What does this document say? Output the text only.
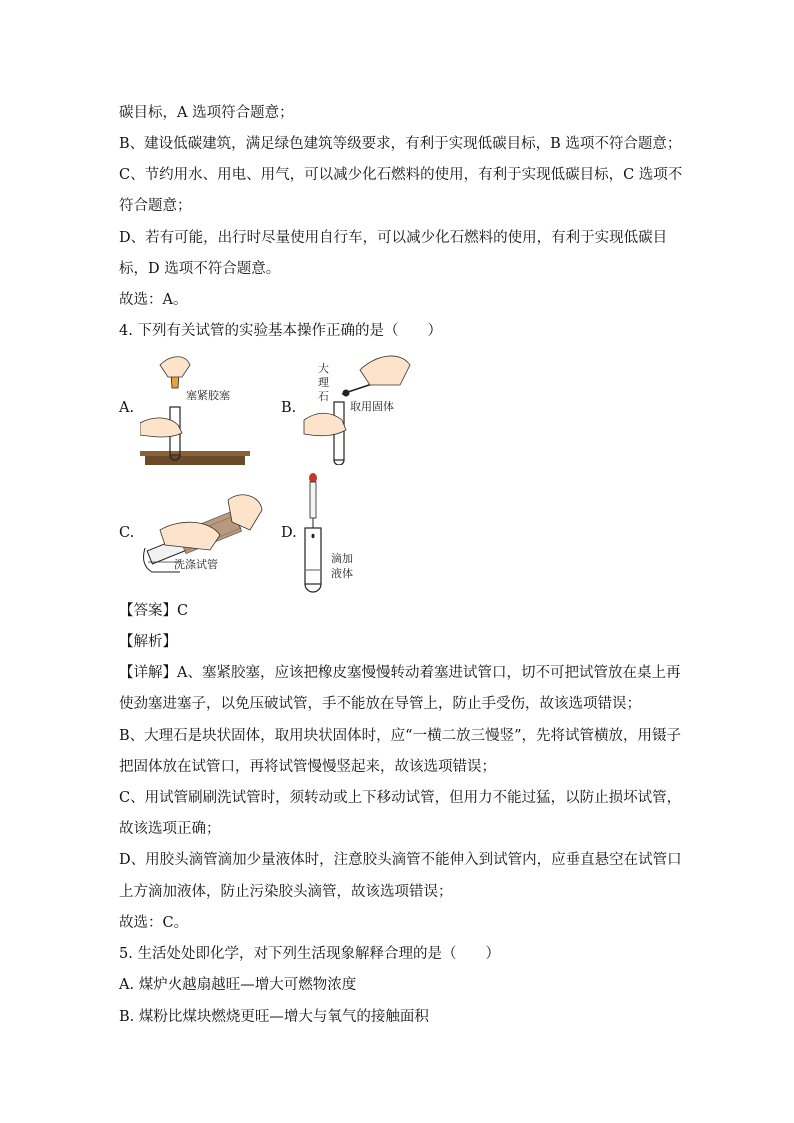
碳目标，A 选项符合题意；
B、建设低碳建筑，满足绿色建筑等级要求，有利于实现低碳目标，B 选项不符合题意；
C、节约用水、用电、用气，可以减少化石燃料的使用，有利于实现低碳目标，C 选项不
符合题意；
D、若有可能，出行时尽量使用自行车，可以减少化石燃料的使用，有利于实现低碳目
标，D 选项不符合题意。
故选：A。
4. 下列有关试管的实验基本操作正确的是（　　）
A.
塞紧胶塞
B.
大
理
石
取用固体
C.
洗涤试管
D.
滴加
液体
【答案】C
【解析】
【详解】A、塞紧胶塞，应该把橡皮塞慢慢转动着塞进试管口，切不可把试管放在桌上再
使劲塞进塞子，以免压破试管，手不能放在导管上，防止手受伤，故该选项错误；
B、大理石是块状固体，取用块状固体时，应“一横二放三慢竖”，先将试管横放，用镊子
把固体放在试管口，再将试管慢慢竖起来，故该选项错误；
C、用试管刷刷洗试管时，须转动或上下移动试管，但用力不能过猛，以防止损坏试管，
故该选项正确；
D、用胶头滴管滴加少量液体时，注意胶头滴管不能伸入到试管内，应垂直悬空在试管口
上方滴加液体，防止污染胶头滴管，故该选项错误；
故选：C。
5. 生活处处即化学，对下列生活现象解释合理的是（　　）
A. 煤炉火越扇越旺—增大可燃物浓度
B. 煤粉比煤块燃烧更旺—增大与氧气的接触面积
